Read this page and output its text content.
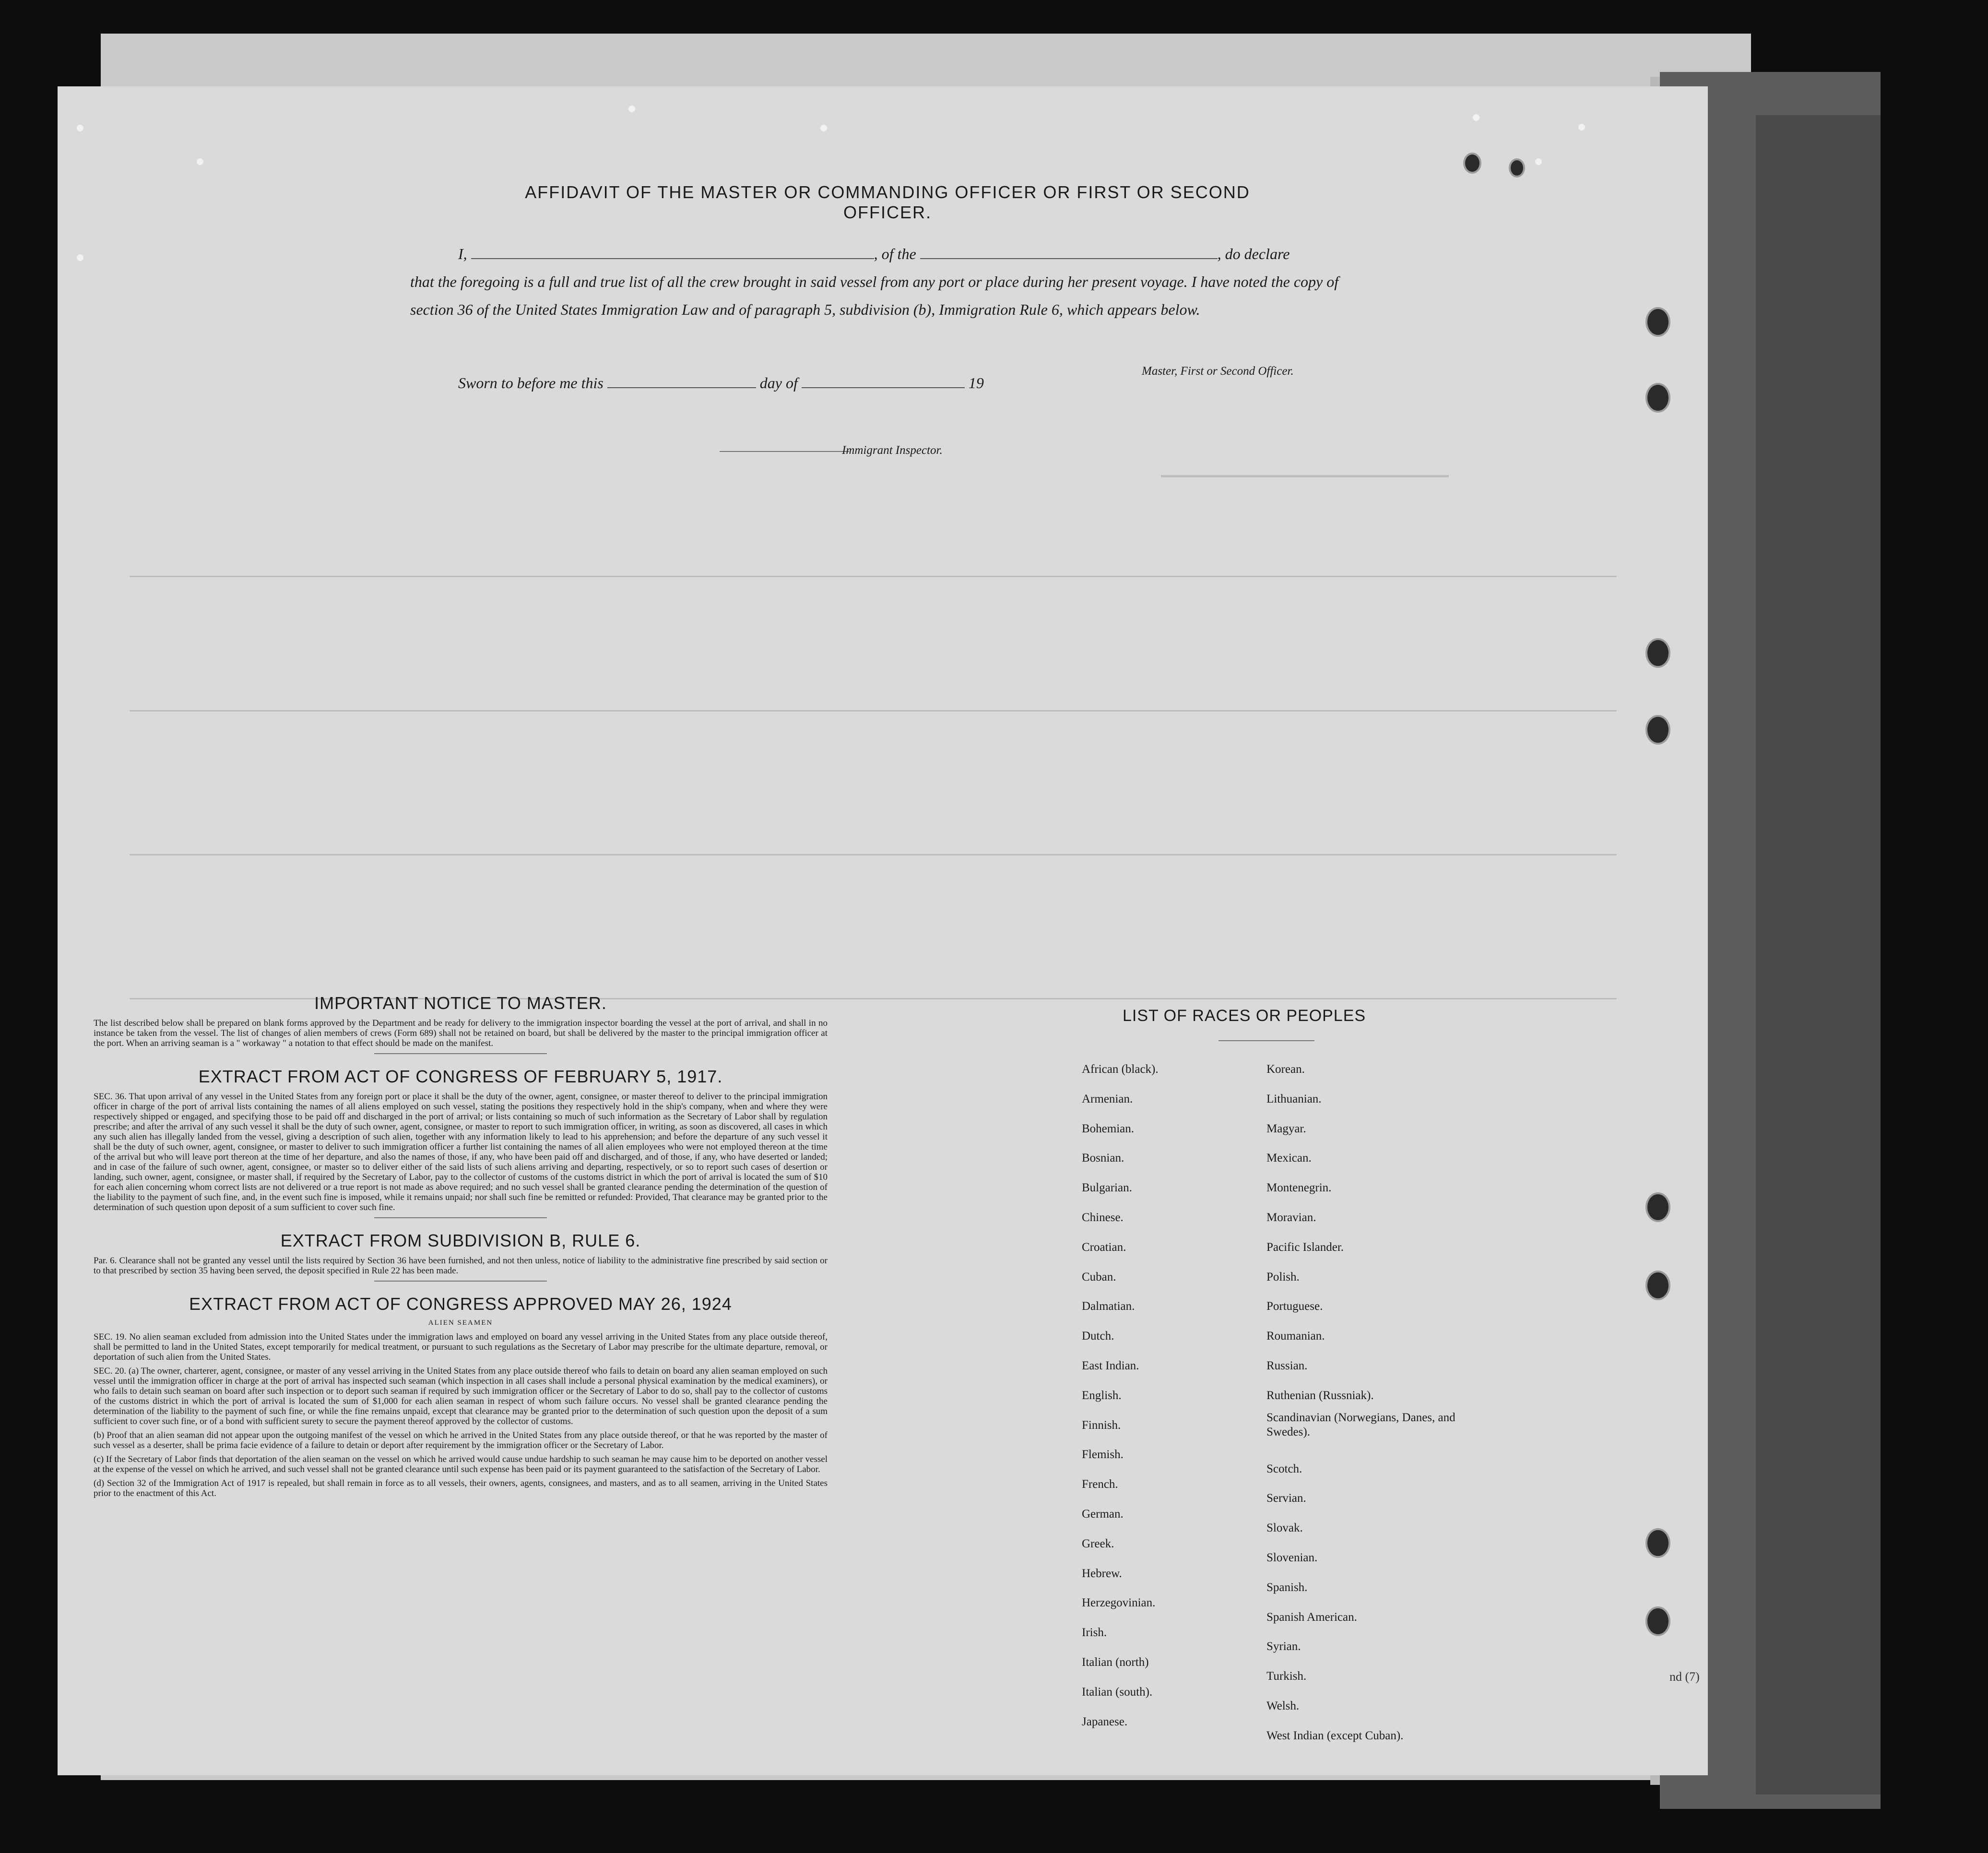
AFFIDAVIT OF THE MASTER OR COMMANDING OFFICER OR FIRST OR SECOND OFFICER.
I,	, of the	, do declare
that the foregoing is a full and true list of all the crew brought in said vessel from any port or place during her present voyage. I have noted the copy of section 36 of the United States Immigration Law and of paragraph 5, subdivision (b), Immigration Rule 6, which appears below.
Sworn to before me this	day of	19
Master, First or Second Officer.
Immigrant Inspector.
IMPORTANT NOTICE TO MASTER.
The list described below shall be prepared on blank forms approved by the Department and be ready for delivery to the immigration inspector boarding the vessel at the port of arrival, and shall in no instance be taken from the vessel. The list of changes of alien members of crews (Form 689) shall not be retained on board, but shall be delivered by the master to the principal immigration officer at the port. When an arriving seaman is a " workaway " a notation to that effect should be made on the manifest.
EXTRACT FROM ACT OF CONGRESS OF FEBRUARY 5, 1917.
SEC. 36. That upon arrival of any vessel in the United States from any foreign port or place it shall be the duty of the owner, agent, consignee, or master thereof to deliver to the principal immigration officer in charge of the port of arrival lists containing the names of all aliens employed on such vessel, stating the positions they respectively hold in the ship's company, when and where they were respectively shipped or engaged, and specifying those to be paid off and discharged in the port of arrival; or lists containing so much of such information as the Secretary of Labor shall by regulation prescribe; and after the arrival of any such vessel it shall be the duty of such owner, agent, consignee, or master to report to such immigration officer, in writing, as soon as discovered, all cases in which any such alien has illegally landed from the vessel, giving a description of such alien, together with any information likely to lead to his apprehension; and before the departure of any such vessel it shall be the duty of such owner, agent, consignee, or master to deliver to such immigration officer a further list containing the names of all alien employees who were not employed thereon at the time of the arrival but who will leave port thereon at the time of her departure, and also the names of those, if any, who have been paid off and discharged, and of those, if any, who have deserted or landed; and in case of the failure of such owner, agent, consignee, or master so to deliver either of the said lists of such aliens arriving and departing, respectively, or so to report such cases of desertion or landing, such owner, agent, consignee, or master shall, if required by the Secretary of Labor, pay to the collector of customs of the customs district in which the port of arrival is located the sum of $10 for each alien concerning whom correct lists are not delivered or a true report is not made as above required; and no such vessel shall be granted clearance pending the determination of the question of the liability to the payment of such fine, and, in the event such fine is imposed, while it remains unpaid; nor shall such fine be remitted or refunded: Provided, That clearance may be granted prior to the determination of such question upon deposit of a sum sufficient to cover such fine.
EXTRACT FROM SUBDIVISION B, RULE 6.
Par. 6. Clearance shall not be granted any vessel until the lists required by Section 36 have been furnished, and not then unless, notice of liability to the administrative fine prescribed by said section or to that prescribed by section 35 having been served, the deposit specified in Rule 22 has been made.
EXTRACT FROM ACT OF CONGRESS APPROVED MAY 26, 1924
ALIEN SEAMEN
SEC. 19. No alien seaman excluded from admission into the United States under the immigration laws and employed on board any vessel arriving in the United States from any place outside thereof, shall be permitted to land in the United States, except temporarily for medical treatment, or pursuant to such regulations as the Secretary of Labor may prescribe for the ultimate departure, removal, or deportation of such alien from the United States.
SEC. 20. (a) The owner, charterer, agent, consignee, or master of any vessel arriving in the United States from any place outside thereof who fails to detain on board any alien seaman employed on such vessel until the immigration officer in charge at the port of arrival has inspected such seaman (which inspection in all cases shall include a personal physical examination by the medical examiners), or who fails to detain such seaman on board after such inspection or to deport such seaman if required by such immigration officer or the Secretary of Labor to do so, shall pay to the collector of customs of the customs district in which the port of arrival is located the sum of $1,000 for each alien seaman in respect of whom such failure occurs. No vessel shall be granted clearance pending the determination of the liability to the payment of such fine, or while the fine remains unpaid, except that clearance may be granted prior to the determination of such question upon the deposit of a sum sufficient to cover such fine, or of a bond with sufficient surety to secure the payment thereof approved by the collector of customs.
(b) Proof that an alien seaman did not appear upon the outgoing manifest of the vessel on which he arrived in the United States from any place outside thereof, or that he was reported by the master of such vessel as a deserter, shall be prima facie evidence of a failure to detain or deport after requirement by the immigration officer or the Secretary of Labor.
(c) If the Secretary of Labor finds that deportation of the alien seaman on the vessel on which he arrived would cause undue hardship to such seaman he may cause him to be deported on another vessel at the expense of the vessel on which he arrived, and such vessel shall not be granted clearance until such expense has been paid or its payment guaranteed to the satisfaction of the Secretary of Labor.
(d) Section 32 of the Immigration Act of 1917 is repealed, but shall remain in force as to all vessels, their owners, agents, consignees, and masters, and as to all seamen, arriving in the United States prior to the enactment of this Act.
LIST OF RACES OR PEOPLES
African (black).
Armenian.
Bohemian.
Bosnian.
Bulgarian.
Chinese.
Croatian.
Cuban.
Dalmatian.
Dutch.
East Indian.
English.
Finnish.
Flemish.
French.
German.
Greek.
Hebrew.
Herzegovinian.
Irish.
Italian (north)
Italian (south).
Japanese.
Korean.
Lithuanian.
Magyar.
Mexican.
Montenegrin.
Moravian.
Pacific Islander.
Polish.
Portuguese.
Roumanian.
Russian.
Ruthenian (Russniak).
Scandinavian (Norwegians, Danes, and Swedes).
Scotch.
Servian.
Slovak.
Slovenian.
Spanish.
Spanish American.
Syrian.
Turkish.
Welsh.
West Indian (except Cuban).
nd (7)
